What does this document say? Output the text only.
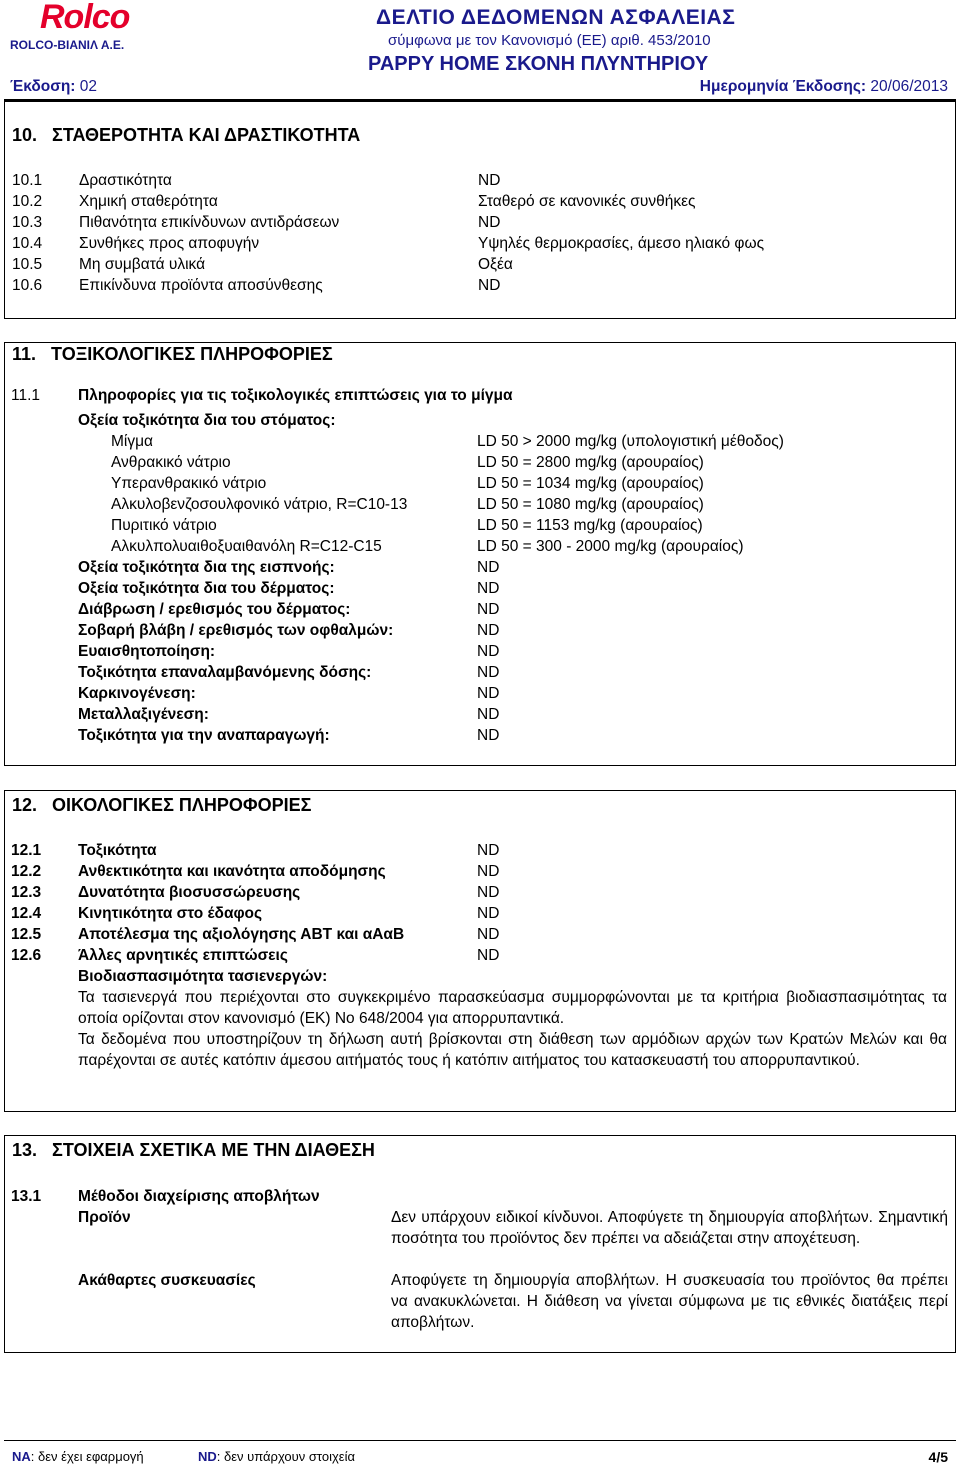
Rolco
ROLCO-ΒΙΑΝΙΛ Α.Ε.
ΔΕΛΤΙΟ ΔΕΔΟΜΕΝΩΝ ΑΣΦΑΛΕΙΑΣ
σύμφωνα με τον Κανονισμό (ΕΕ) αριθ. 453/2010
PAPPY HOME ΣΚΟΝΗ ΠΛΥΝΤΗΡΙΟΥ
Έκδοση: 02	Ημερομηνία Έκδοσης: 20/06/2013
10.   ΣΤΑΘΕΡΟΤΗΤΑ ΚΑΙ ΔΡΑΣΤΙΚΟΤΗΤΑ
10.1 Δραστικότητα	ND
10.2 Χημική σταθερότητα	Σταθερό σε κανονικές συνθήκες
10.3 Πιθανότητα επικίνδυνων αντιδράσεων	ND
10.4 Συνθήκες προς αποφυγήν	Υψηλές θερμοκρασίες, άμεσο ηλιακό φως
10.5 Μη συμβατά υλικά	Οξέα
10.6 Επικίνδυνα προϊόντα αποσύνθεσης	ND
11.   ΤΟΞΙΚΟΛΟΓΙΚΕΣ ΠΛΗΡΟΦΟΡΙΕΣ
11.1 Πληροφορίες για τις τοξικολογικές επιπτώσεις για το μίγμα
Οξεία τοξικότητα δια του στόματος:
Μίγμα	LD 50 > 2000 mg/kg (υπολογιστική μέθοδος)
Ανθρακικό νάτριο	LD 50 = 2800 mg/kg (αρουραίος)
Υπερανθρακικό νάτριο	LD 50 = 1034 mg/kg (αρουραίος)
Αλκυλοβενζοσουλφονικό νάτριο, R=C10-13	LD 50 = 1080 mg/kg (αρουραίος)
Πυριτικό νάτριο	LD 50 = 1153 mg/kg (αρουραίος)
Αλκυλπολυαιθοξυαιθανόλη R=C12-C15	LD 50 = 300 - 2000 mg/kg (αρουραίος)
Οξεία τοξικότητα δια της εισπνοής:	ND
Οξεία τοξικότητα δια του δέρματος:	ND
Διάβρωση / ερεθισμός του δέρματος:	ND
Σοβαρή βλάβη / ερεθισμός των οφθαλμών:	ND
Ευαισθητοποίηση:	ND
Τοξικότητα επαναλαμβανόμενης δόσης:	ND
Καρκινογένεση:	ND
Μεταλλαξιγένεση:	ND
Τοξικότητα για την αναπαραγωγή:	ND
12.   ΟΙΚΟΛΟΓΙΚΕΣ ΠΛΗΡΟΦΟΡΙΕΣ
12.1 Τοξικότητα	ND
12.2 Ανθεκτικότητα και ικανότητα αποδόμησης	ND
12.3 Δυνατότητα βιοσυσσώρευσης	ND
12.4 Κινητικότητα στο έδαφος	ND
12.5 Αποτέλεσμα της αξιολόγησης ΑΒΤ και αΑαΒ	ND
12.6 Άλλες αρνητικές επιπτώσεις	ND
Βιοδιασπασιμότητα τασιενεργών:
Τα τασιενεργά που περιέχονται στο συγκεκριμένο παρασκεύασμα συμμορφώνονται με τα κριτήρια βιοδιασπασιμότητας τα οποία ορίζονται στον κανονισμό (ΕΚ) Νο 648/2004 για απορρυπαντικά.
Τα δεδομένα που υποστηρίζουν τη δήλωση αυτή βρίσκονται στη διάθεση των αρμόδιων αρχών των Κρατών Μελών και θα παρέχονται σε αυτές κατόπιν άμεσου αιτήματός τους ή κατόπιν αιτήματος του κατασκευαστή του απορρυπαντικού.
13.   ΣΤΟΙΧΕΙΑ ΣΧΕΤΙΚΑ ΜΕ ΤΗΝ ΔΙΑΘΕΣΗ
13.1 Μέθοδοι διαχείρισης αποβλήτων
Προϊόν	Δεν υπάρχουν ειδικοί κίνδυνοι. Αποφύγετε τη δημιουργία αποβλήτων. Σημαντική ποσότητα του προϊόντος δεν πρέπει να αδειάζεται στην αποχέτευση.
Ακάθαρτες συσκευασίες	Αποφύγετε τη δημιουργία αποβλήτων. Η συσκευασία του προϊόντος θα πρέπει να ανακυκλώνεται. Η διάθεση να γίνεται σύμφωνα με τις εθνικές διατάξεις περί αποβλήτων.
NA: δεν έχει εφαρμογή	ND: δεν υπάρχουν στοιχεία	4/5
